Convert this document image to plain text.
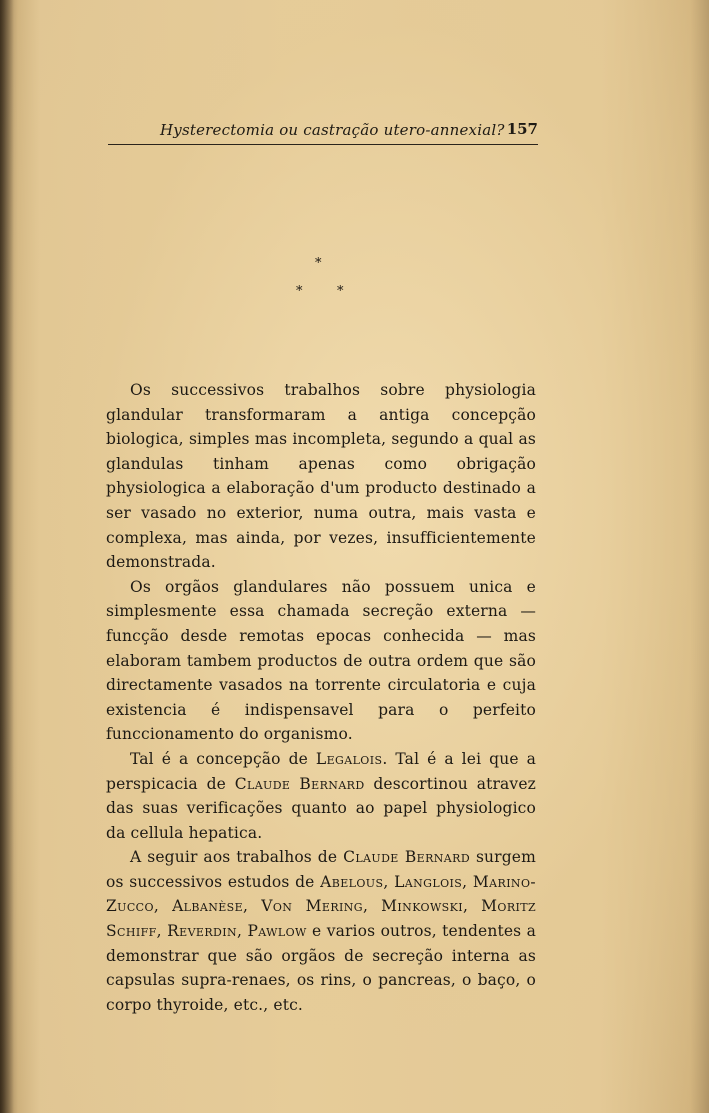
Hysterectomia ou castração utero-annexial? 157
*
*	*

Os successivos trabalhos sobre physiologia glandular transformaram a antiga concepção biologica, simples mas incompleta, segundo a qual as glandulas tinham apenas como obrigação physiologica a elaboração d'um producto destinado a ser vasado no exterior, numa outra, mais vasta e complexa, mas ainda, por vezes, insufficientemente demonstrada.

Os orgãos glandulares não possuem unica e simplesmente essa chamada secreção externa — funcção desde remotas epocas conhecida — mas elaboram tambem productos de outra ordem que são directamente vasados na torrente circulatoria e cuja existencia é indispensavel para o perfeito funccionamento do organismo.

Tal é a concepção de Legalois. Tal é a lei que a perspicacia de Claude Bernard descortinou atravez das suas verificações quanto ao papel physiologico da cellula hepatica.

A seguir aos trabalhos de Claude Bernard surgem os successivos estudos de Abelous, Langlois, Marino-Zucco, Albanèse, Von Mering, Minkowski, Moritz Schiff, Reverdin, Pawlow e varios outros, tendentes a demonstrar que são orgãos de secreção interna as capsulas supra-renaes, os rins, o pancreas, o baço, o corpo thyroide, etc., etc.
